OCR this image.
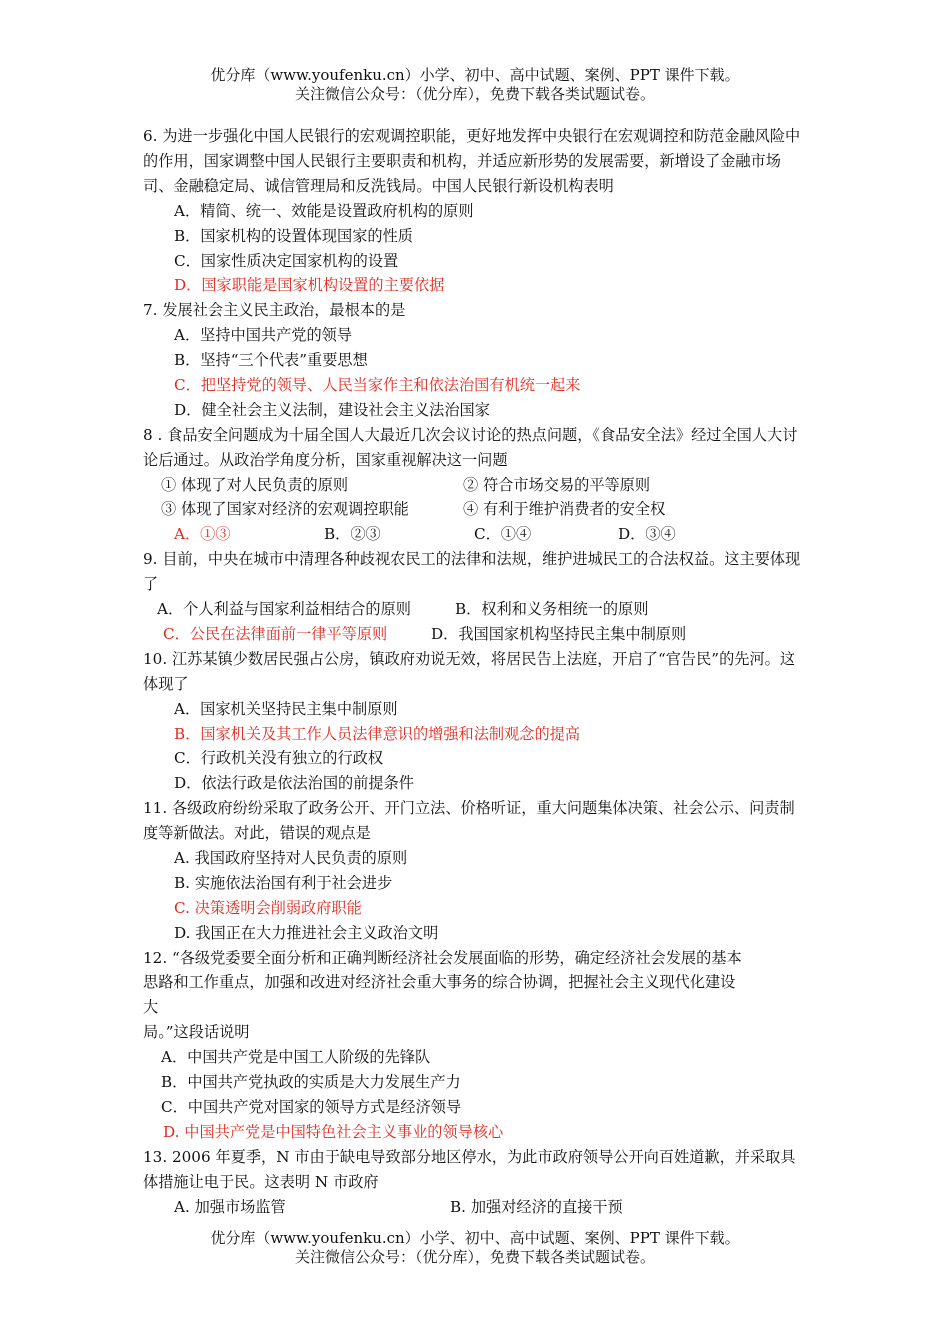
优分库（www.youfenku.cn）小学、初中、高中试题、案例、PPT 课件下载。
关注微信公众号：（优分库），免费下载各类试题试卷。
6. 为进一步强化中国人民银行的宏观调控职能，更好地发挥中央银行在宏观调控和防范金融风险中的作用，国家调整中国人民银行主要职责和机构，并适应新形势的发展需要，新增设了金融市场司、金融稳定局、诚信管理局和反洗钱局。中国人民银行新设机构表明
A．精简、统一、效能是设置政府机构的原则
B．国家机构的设置体现国家的性质
C．国家性质决定国家机构的设置
D．国家职能是国家机构设置的主要依据
7. 发展社会主义民主政治，最根本的是
A．坚持中国共产党的领导
B．坚持“三个代表”重要思想
C．把坚持党的领导、人民当家作主和依法治国有机统一起来
D．健全社会主义法制，建设社会主义法治国家
8 . 食品安全问题成为十届全国人大最近几次会议讨论的热点问题，《食品安全法》经过全国人大讨论后通过。从政治学角度分析，国家重视解决这一问题
① 体现了对人民负责的原则	② 符合市场交易的平等原则
③ 体现了国家对经济的宏观调控职能	④ 有利于维护消费者的安全权
A．①③	B．②③	C．①④	D．③④
9. 目前，中央在城市中清理各种歧视农民工的法律和法规，维护进城民工的合法权益。这主要体现了
A．个人利益与国家利益相结合的原则	B．权利和义务相统一的原则
C．公民在法律面前一律平等原则	D．我国国家机构坚持民主集中制原则
10. 江苏某镇少数居民强占公房，镇政府劝说无效，将居民告上法庭，开启了“官告民”的先河。这体现了
A．国家机关坚持民主集中制原则
B．国家机关及其工作人员法律意识的增强和法制观念的提高
C．行政机关没有独立的行政权
D．依法行政是依法治国的前提条件
11. 各级政府纷纷采取了政务公开、开门立法、价格听证，重大问题集体决策、社会公示、问责制度等新做法。对此，错误的观点是
A. 我国政府坚持对人民负责的原则
B. 实施依法治国有利于社会进步
C. 决策透明会削弱政府职能
D. 我国正在大力推进社会主义政治文明
12. “各级党委要全面分析和正确判断经济社会发展面临的形势，确定经济社会发展的基本
思路和工作重点，加强和改进对经济社会重大事务的综合协调，把握社会主义现代化建设
大
局。”这段话说明
A．中国共产党是中国工人阶级的先锋队
B．中国共产党执政的实质是大力发展生产力
C．中国共产党对国家的领导方式是经济领导
D. 中国共产党是中国特色社会主义事业的领导核心
13. 2006 年夏季，N 市由于缺电导致部分地区停水，为此市政府领导公开向百姓道歉，并采取具体措施让电于民。这表明 N 市政府
A. 加强市场监管	B. 加强对经济的直接干预
优分库（www.youfenku.cn）小学、初中、高中试题、案例、PPT 课件下载。
关注微信公众号：（优分库），免费下载各类试题试卷。
